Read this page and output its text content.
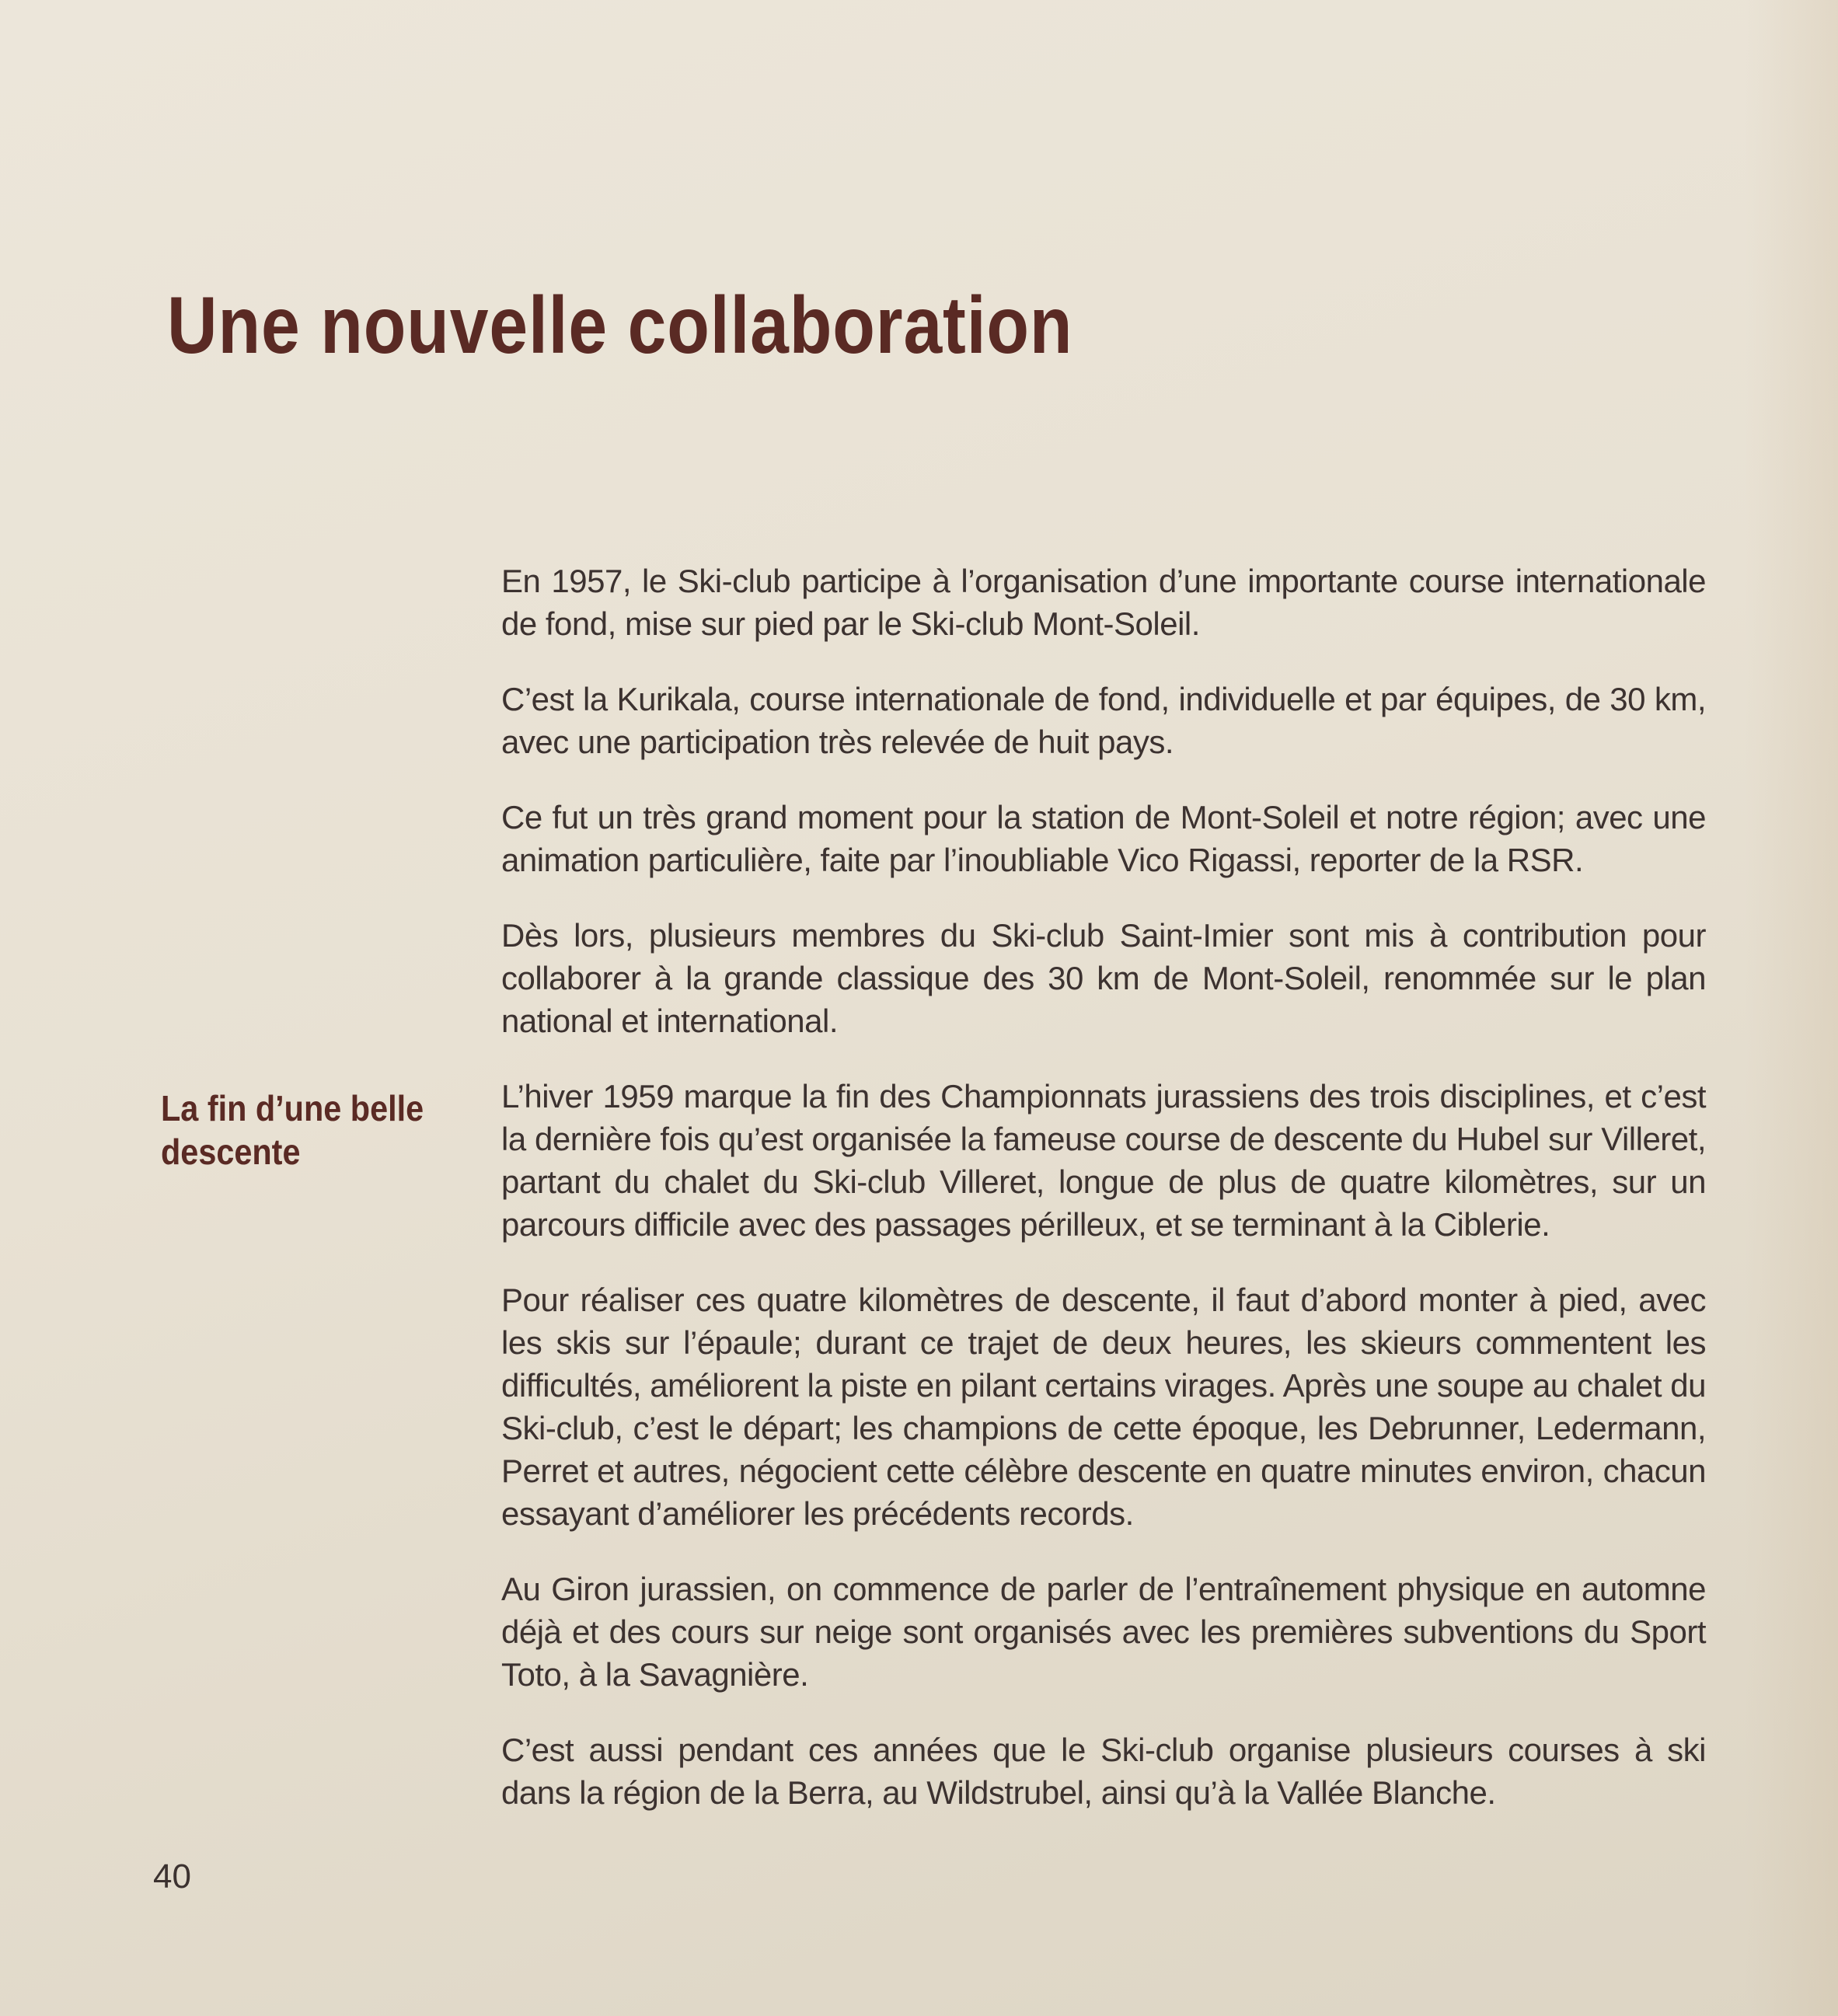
Une nouvelle collaboration
La fin d’une belle descente

En 1957, le Ski-club participe à l’organisation d’une importante course internationale de fond, mise sur pied par le Ski-club Mont-Soleil.

C’est la Kurikala, course internationale de fond, individuelle et par équipes, de 30 km, avec une participation très relevée de huit pays.

Ce fut un très grand moment pour la station de Mont-Soleil et notre région; avec une animation particulière, faite par l’inoubliable Vico Rigassi, reporter de la RSR.

Dès lors, plusieurs membres du Ski-club Saint-Imier sont mis à contribution pour collaborer à la grande classique des 30 km de Mont-Soleil, renommée sur le plan national et international.

L’hiver 1959 marque la fin des Championnats jurassiens des trois disciplines, et c’est la dernière fois qu’est organisée la fameuse course de descente du Hubel sur Villeret, partant du chalet du Ski-club Villeret, longue de plus de quatre kilomètres, sur un parcours difficile avec des passages périlleux, et se terminant à la Ciblerie.

Pour réaliser ces quatre kilomètres de descente, il faut d’abord monter à pied, avec les skis sur l’épaule; durant ce trajet de deux heures, les skieurs commentent les difficultés, améliorent la piste en pilant certains virages. Après une soupe au chalet du Ski-club, c’est le départ; les champions de cette époque, les Debrunner, Ledermann, Perret et autres, négocient cette célèbre descente en quatre minutes environ, chacun essayant d’améliorer les précédents records.

Au Giron jurassien, on commence de parler de l’entraînement physique en automne déjà et des cours sur neige sont organisés avec les premières subventions du Sport Toto, à la Savagnière.

C’est aussi pendant ces années que le Ski-club organise plusieurs courses à ski dans la région de la Berra, au Wildstrubel, ainsi qu’à la Vallée Blanche.

40
